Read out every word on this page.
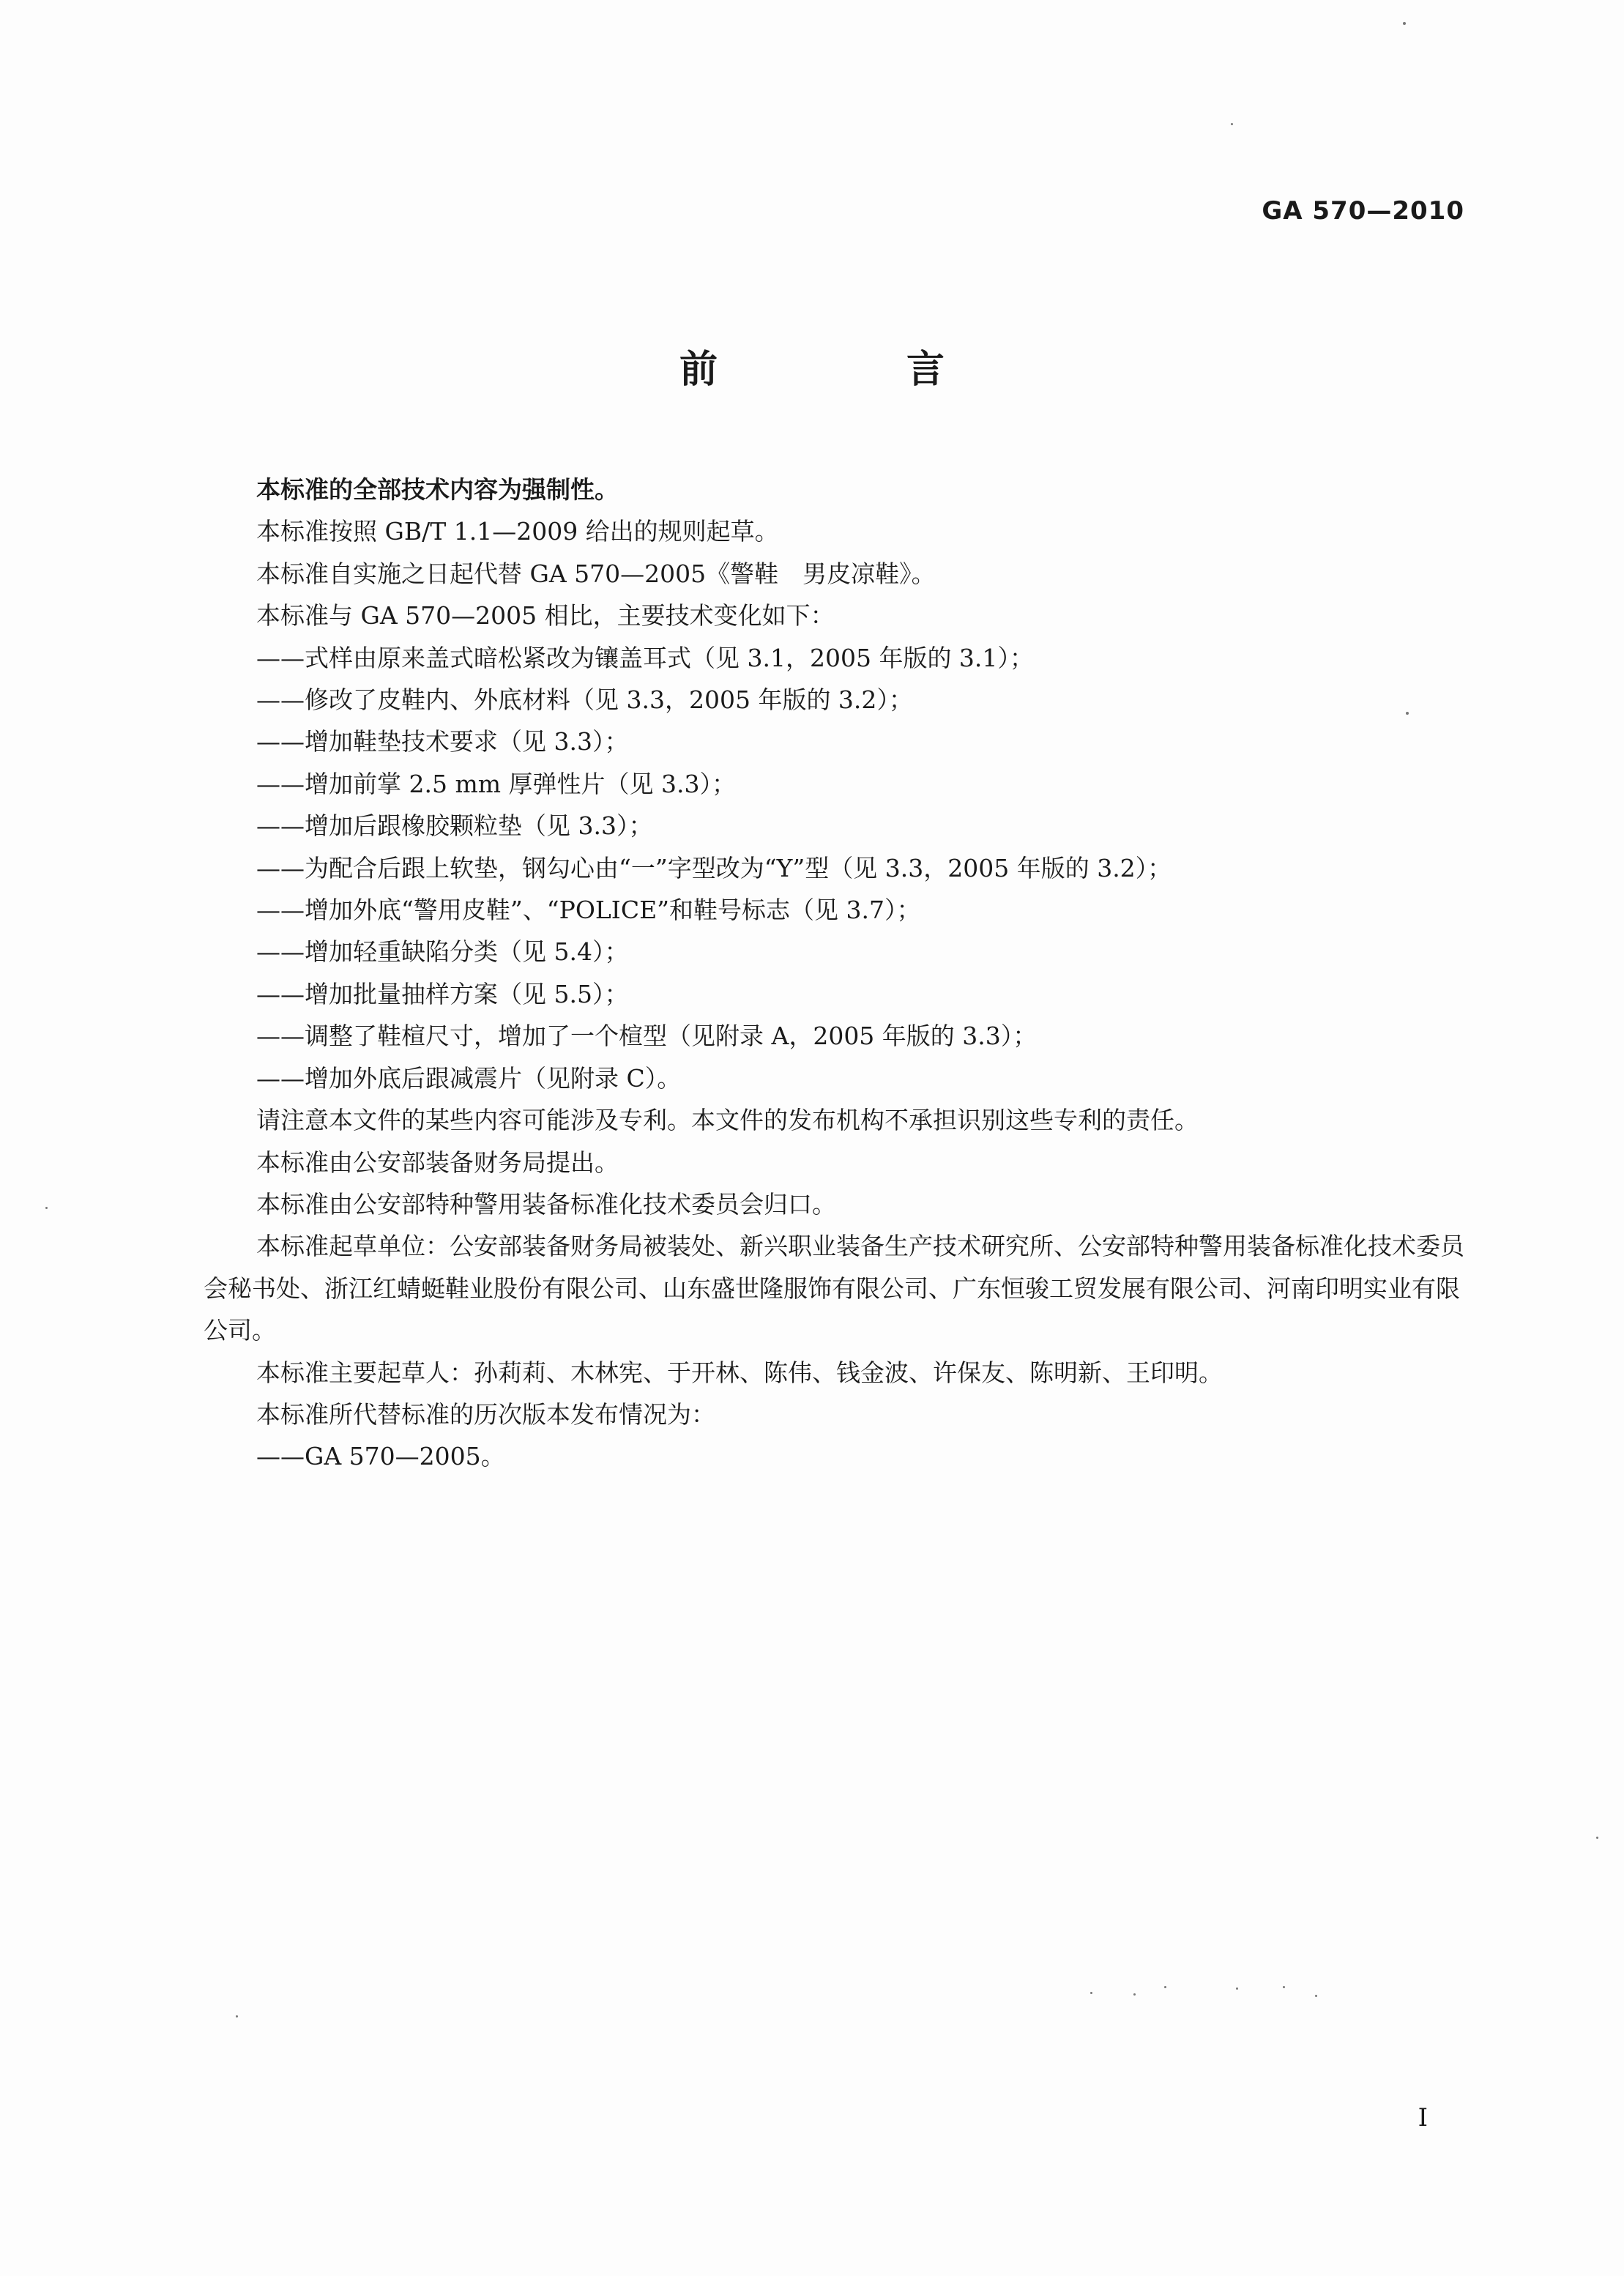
GA 570—2010
前 言

本标准的全部技术内容为强制性。

本标准按照 GB/T 1.1—2009 给出的规则起草。

本标准自实施之日起代替 GA 570—2005《警鞋　男皮凉鞋》。

本标准与 GA 570—2005 相比，主要技术变化如下：

——式样由原来盖式暗松紧改为镶盖耳式（见 3.1，2005 年版的 3.1）；

——修改了皮鞋内、外底材料（见 3.3，2005 年版的 3.2）；

——增加鞋垫技术要求（见 3.3）；

——增加前掌 2.5 mm 厚弹性片（见 3.3）；

——增加后跟橡胶颗粒垫（见 3.3）；

——为配合后跟上软垫，钢勾心由“一”字型改为“Y”型（见 3.3，2005 年版的 3.2）；

——增加外底“警用皮鞋”、“POLICE”和鞋号标志（见 3.7）；

——增加轻重缺陷分类（见 5.4）；

——增加批量抽样方案（见 5.5）；

——调整了鞋楦尺寸，增加了一个楦型（见附录 A，2005 年版的 3.3）；

——增加外底后跟减震片（见附录 C）。

请注意本文件的某些内容可能涉及专利。本文件的发布机构不承担识别这些专利的责任。

本标准由公安部装备财务局提出。

本标准由公安部特种警用装备标准化技术委员会归口。

本标准起草单位：公安部装备财务局被装处、新兴职业装备生产技术研究所、公安部特种警用装备标准化技术委员会秘书处、浙江红蜻蜓鞋业股份有限公司、山东盛世隆服饰有限公司、广东恒骏工贸发展有限公司、河南印明实业有限公司。

本标准主要起草人：孙莉莉、木林宪、于开林、陈伟、钱金波、许保友、陈明新、王印明。

本标准所代替标准的历次版本发布情况为：

——GA 570—2005。

I
